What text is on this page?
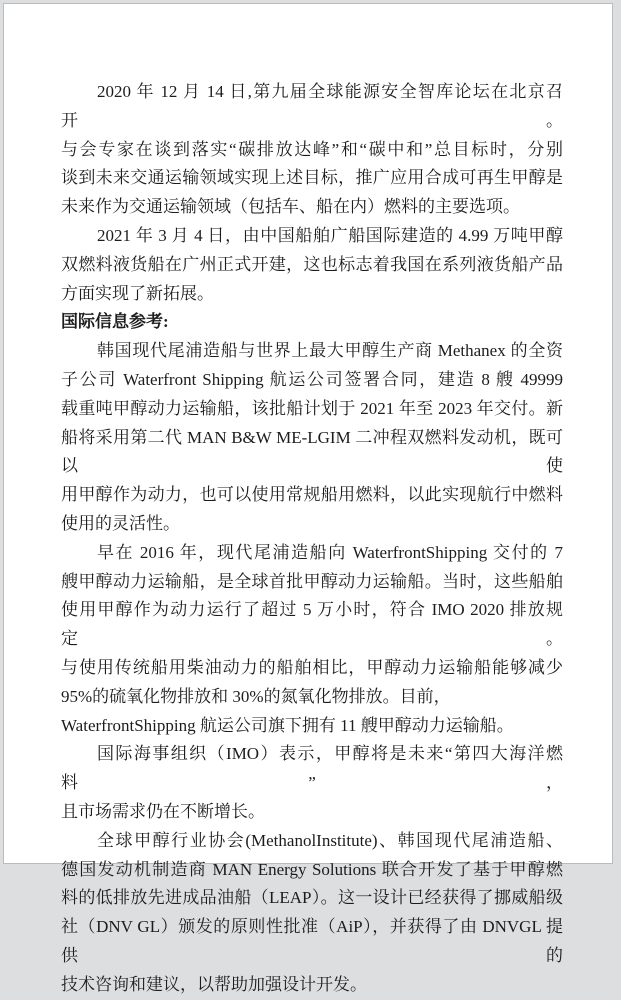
2020 年 12 月 14 日,第九届全球能源安全智库论坛在北京召开。
与会专家在谈到落实“碳排放达峰”和“碳中和”总目标时，分别
谈到未来交通运输领域实现上述目标，推广应用合成可再生甲醇是
未来作为交通运输领域（包括车、船在内）燃料的主要选项。
2021 年 3 月 4 日，由中国船舶广船国际建造的 4.99 万吨甲醇
双燃料液货船在广州正式开建，这也标志着我国在系列液货船产品
方面实现了新拓展。
国际信息参考:
韩国现代尾浦造船与世界上最大甲醇生产商 Methanex 的全资
子公司 Waterfront Shipping 航运公司签署合同，建造 8 艘 49999
载重吨甲醇动力运输船，该批船计划于 2021 年至 2023 年交付。新
船将采用第二代 MAN B&W ME-LGIM 二冲程双燃料发动机，既可以使
用甲醇作为动力，也可以使用常规船用燃料，以此实现航行中燃料
使用的灵活性。
早在 2016 年，现代尾浦造船向 WaterfrontShipping 交付的 7
艘甲醇动力运输船，是全球首批甲醇动力运输船。当时，这些船舶
使用甲醇作为动力运行了超过 5 万小时，符合 IMO 2020 排放规定。
与使用传统船用柴油动力的船舶相比，甲醇动力运输船能够减少
95%的硫氧化物排放和 30%的氮氧化物排放。目前，
WaterfrontShipping 航运公司旗下拥有 11 艘甲醇动力运输船。
国际海事组织（IMO）表示，甲醇将是未来“第四大海洋燃料”，
且市场需求仍在不断增长。
全球甲醇行业协会(MethanolInstitute)、韩国现代尾浦造船、
德国发动机制造商 MAN Energy Solutions 联合开发了基于甲醇燃
料的低排放先进成品油船（LEAP）。这一设计已经获得了挪威船级
社（DNV GL）颁发的原则性批准（AiP），并获得了由 DNVGL 提供的
技术咨询和建议，以帮助加强设计开发。
